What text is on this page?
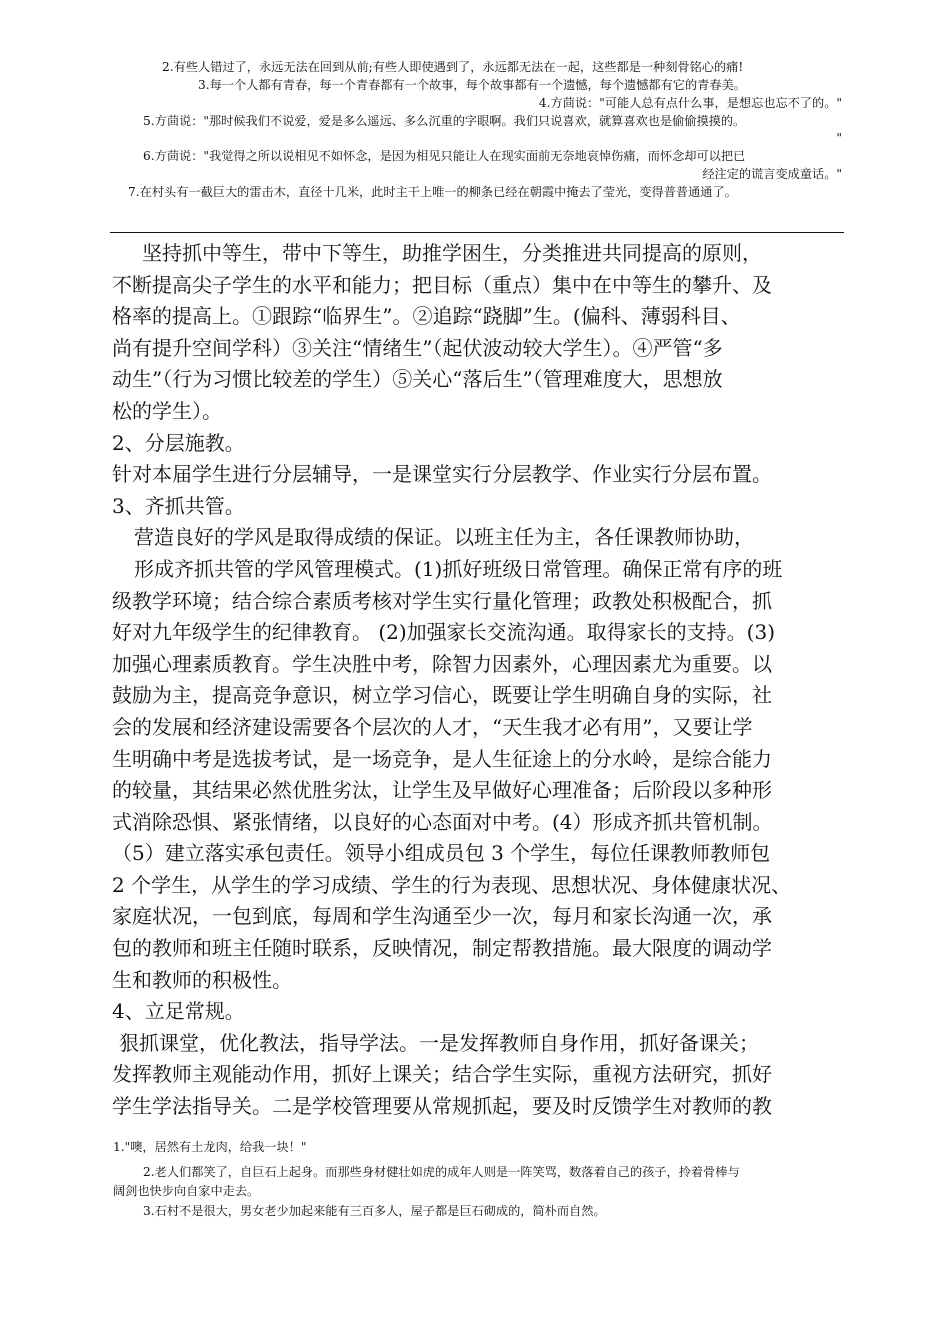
2.有些人错过了，永远无法在回到从前;有些人即使遇到了，永远都无法在一起，这些都是一种刻骨铭心的痛!
3.每一个人都有青春，每一个青春都有一个故事，每个故事都有一个遗憾，每个遗憾都有它的青春美。
4.方茴说："可能人总有点什么事，是想忘也忘不了的。"
5.方茴说："那时候我们不说爱，爱是多么遥远、多么沉重的字眼啊。我们只说喜欢，就算喜欢也是偷偷摸摸的。
"
6.方茴说："我觉得之所以说相见不如怀念，是因为相见只能让人在现实面前无奈地哀悼伤痛，而怀念却可以把已
经注定的谎言变成童话。"
7.在村头有一截巨大的雷击木，直径十几米，此时主干上唯一的柳条已经在朝霞中掩去了莹光，变得普普通通了。

坚持抓中等生，带中下等生，助推学困生，分类推进共同提高的原则，

不断提高尖子学生的水平和能力；把目标（重点）集中在中等生的攀升、及

格率的提高上。①跟踪“临界生”。②追踪“跷脚”生。(偏科、薄弱科目、

尚有提升空间学科）③关注“情绪生”（起伏波动较大学生）。④严管“多

动生”（行为习惯比较差的学生）⑤关心“落后生”（管理难度大，思想放

松的学生）。

2、分层施教。

针对本届学生进行分层辅导，一是课堂实行分层教学、作业实行分层布置。

3、齐抓共管。

营造良好的学风是取得成绩的保证。以班主任为主，各任课教师协助，

形成齐抓共管的学风管理模式。(1)抓好班级日常管理。确保正常有序的班

级教学环境；结合综合素质考核对学生实行量化管理；政教处积极配合，抓

好对九年级学生的纪律教育。 (2)加强家长交流沟通。取得家长的支持。(3)

加强心理素质教育。学生决胜中考，除智力因素外，心理因素尤为重要。以

鼓励为主，提高竞争意识，树立学习信心，既要让学生明确自身的实际，社

会的发展和经济建设需要各个层次的人才，“天生我才必有用”，又要让学

生明确中考是选拔考试，是一场竞争，是人生征途上的分水岭，是综合能力

的较量，其结果必然优胜劣汰，让学生及早做好心理准备；后阶段以多种形

式消除恐惧、紧张情绪，以良好的心态面对中考。(4）形成齐抓共管机制。

（5）建立落实承包责任。领导小组成员包 3 个学生，每位任课教师教师包

2 个学生，从学生的学习成绩、学生的行为表现、思想状况、身体健康状况、

家庭状况，一包到底，每周和学生沟通至少一次，每月和家长沟通一次，承

包的教师和班主任随时联系，反映情况，制定帮教措施。最大限度的调动学

生和教师的积极性。

4、立足常规。

狠抓课堂，优化教法，指导学法。一是发挥教师自身作用，抓好备课关；

发挥教师主观能动作用，抓好上课关；结合学生实际，重视方法研究，抓好

学生学法指导关。二是学校管理要从常规抓起，要及时反馈学生对教师的教

1."噢，居然有土龙肉，给我一块！"
2.老人们都笑了，自巨石上起身。而那些身材健壮如虎的成年人则是一阵笑骂，数落着自己的孩子，拎着骨棒与
阔剑也快步向自家中走去。
3.石村不是很大，男女老少加起来能有三百多人，屋子都是巨石砌成的，简朴而自然。
